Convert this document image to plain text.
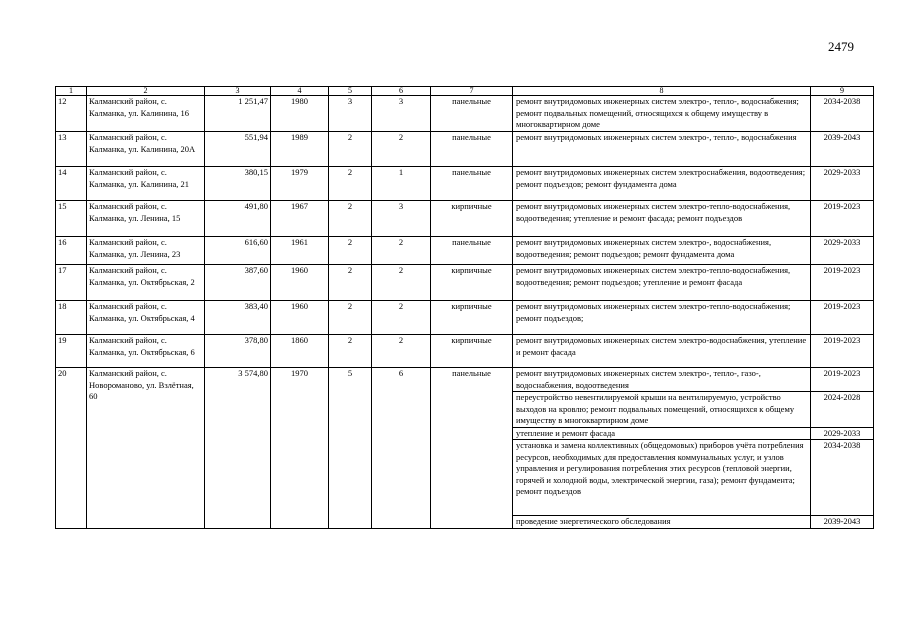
2479
1	2	3	4	5	6	7	8	9
12	Калманский район, с. Калманка, ул. Калинина, 16	1 251,47	1980	3	3	панельные	ремонт внутридомовых инженерных систем электро-, тепло-, водоснабжения; ремонт подвальных помещений, относящихся к общему имуществу в многоквартирном доме	2034-2038
13	Калманский район, с. Калманка, ул. Калинина, 20А	551,94	1989	2	2	панельные	ремонт внутридомовых инженерных систем электро-, тепло-, водоснабжения	2039-2043
14	Калманский район, с. Калманка, ул. Калинина, 21	380,15	1979	2	1	панельные	ремонт внутридомовых инженерных систем электроснабжения, водоотведения; ремонт подъездов; ремонт фундамента дома	2029-2033
15	Калманский район, с. Калманка, ул. Ленина, 15	491,80	1967	2	3	кирпичные	ремонт внутридомовых инженерных систем электро-тепло-водоснабжения, водоотведения; утепление и ремонт фасада; ремонт подъездов	2019-2023
16	Калманский район, с. Калманка, ул. Ленина, 23	616,60	1961	2	2	панельные	ремонт внутридомовых инженерных систем электро-, водоснабжения, водоотведения; ремонт подъездов; ремонт фундамента дома	2029-2033
17	Калманский район, с. Калманка, ул. Октябрьская, 2	387,60	1960	2	2	кирпичные	ремонт внутридомовых инженерных систем электро-тепло-водоснабжения, водоотведения; ремонт подъездов; утепление и ремонт фасада	2019-2023
18	Калманский район, с. Калманка, ул. Октябрьская, 4	383,40	1960	2	2	кирпичные	ремонт внутридомовых инженерных систем электро-тепло-водоснабжения; ремонт подъездов;	2019-2023
19	Калманский район, с. Калманка, ул. Октябрьская, 6	378,80	1860	2	2	кирпичные	ремонт внутридомовых инженерных систем электро-водоснабжения, утепление и ремонт фасада	2019-2023
20	Калманский район, с. Новороманово, ул. Взлётная, 60	3 574,80	1970	5	6	панельные	ремонт внутридомовых инженерных систем электро-, тепло-, газо-, водоснабжения, водоотведения	2019-2023
							переустройство невентилируемой крыши на вентилируемую, устройство выходов на кровлю; ремонт подвальных помещений, относящихся к общему имуществу в многоквартирном доме	2024-2028
							утепление и ремонт фасада	2029-2033
							установка и замена коллективных (общедомовых) приборов учёта потребления ресурсов, необходимых для предоставления коммунальных услуг, и узлов управления и регулирования потребления этих ресурсов (тепловой энергии, горячей и холодной воды, электрической энергии, газа); ремонт фундамента; ремонт подъездов	2034-2038
							проведение энергетического обследования	2039-2043
